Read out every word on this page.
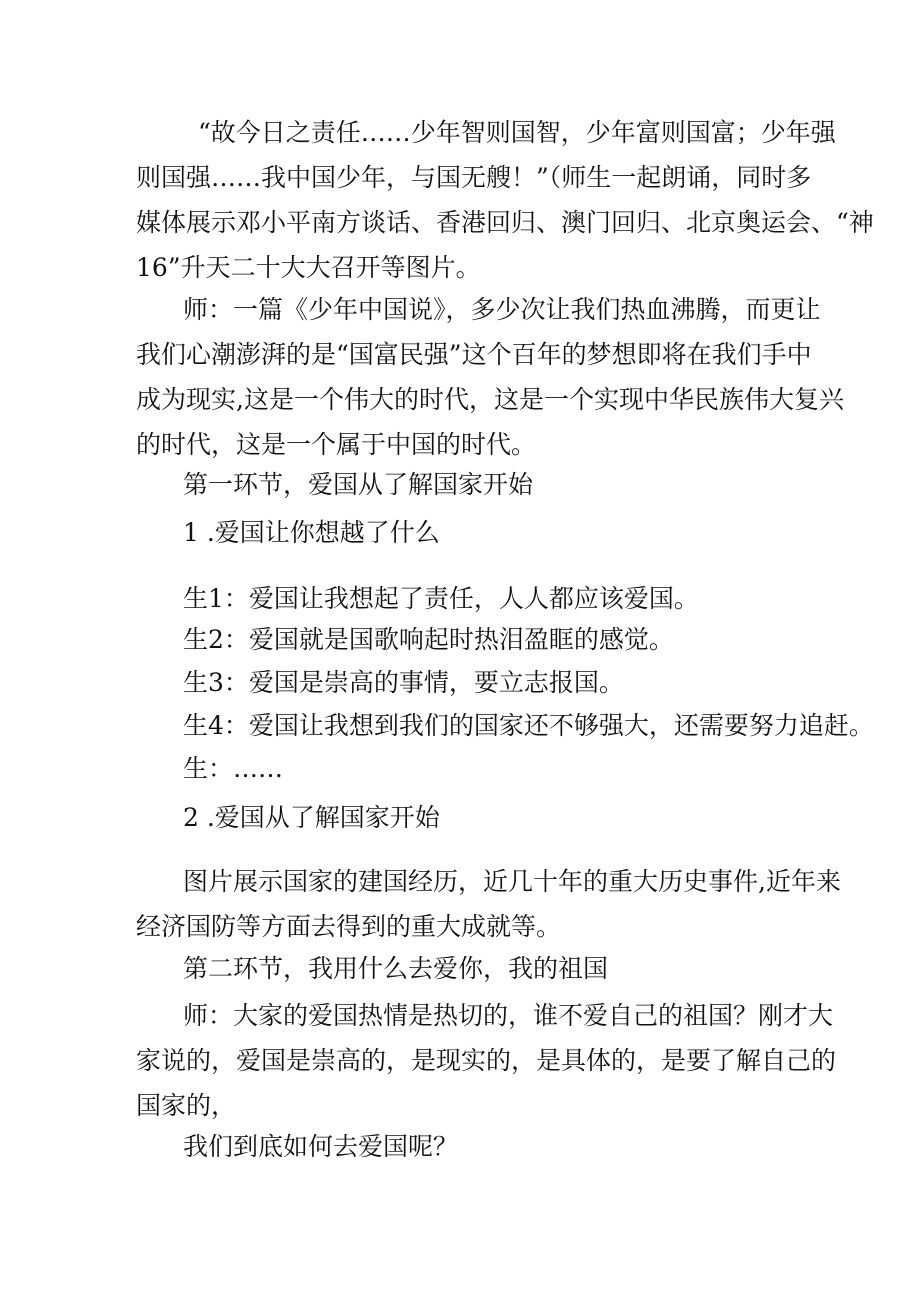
“故今日之责任……少年智则国智，少年富则国富；少年强
则国强……我中国少年，与国无艘！”（师生一起朗诵，同时多
媒体展示邓小平南方谈话、香港回归、澳门回归、北京奥运会、“神
16”升天二十大大召开等图片。

师：一篇《少年中国说》，多少次让我们热血沸腾，而更让
我们心潮澎湃的是“国富民强”这个百年的梦想即将在我们手中
成为现实,这是一个伟大的时代，这是一个实现中华民族伟大复兴
的时代，这是一个属于中国的时代。

第一环节，爱国从了解国家开始

1 .爱国让你想越了什么

生1：爱国让我想起了责任，人人都应该爱国。

生2：爱国就是国歌响起时热泪盈眶的感觉。

生3：爱国是崇高的事情，要立志报国。

生4：爱国让我想到我们的国家还不够强大，还需要努力追赶。

生：……

2 .爱国从了解国家开始

图片展示国家的建国经历，近几十年的重大历史事件,近年来
经济国防等方面去得到的重大成就等。

第二环节，我用什么去爱你，我的祖国

师：大家的爱国热情是热切的，谁不爱自己的祖国？刚才大
家说的，爱国是崇高的，是现实的，是具体的，是要了解自己的
国家的，

我们到底如何去爱国呢？
